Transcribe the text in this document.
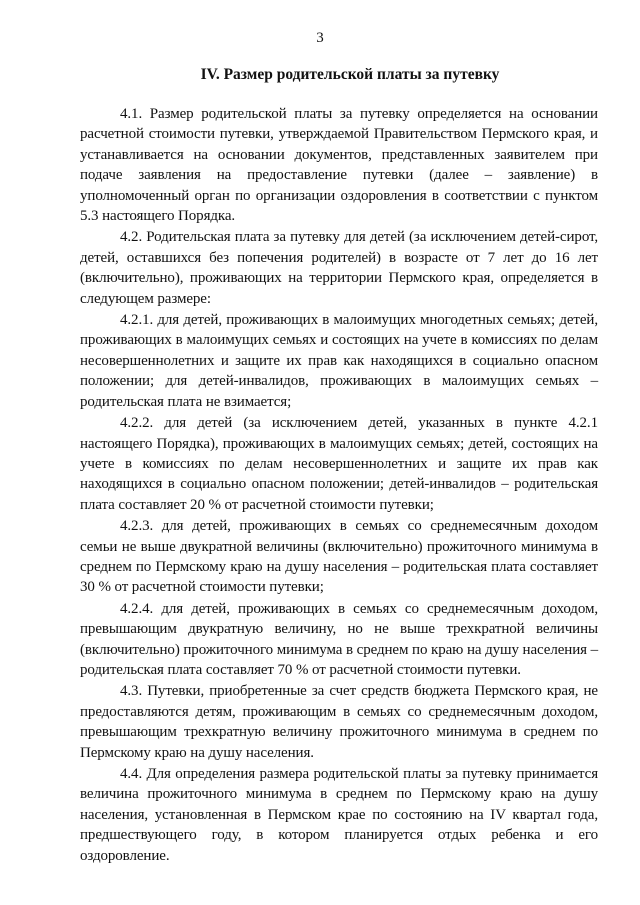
3
IV. Размер родительской платы за путевку

4.1. Размер родительской платы за путевку определяется на основании расчетной стоимости путевки, утверждаемой Правительством Пермского края, и устанавливается на основании документов, представленных заявителем при подаче заявления на предоставление путевки (далее – заявление) в уполномоченный орган по организации оздоровления в соответствии с пунктом 5.3 настоящего Порядка.

4.2. Родительская плата за путевку для детей (за исключением детей-сирот, детей, оставшихся без попечения родителей) в возрасте от 7 лет до 16 лет (включительно), проживающих на территории Пермского края, определяется в следующем размере:

4.2.1. для детей, проживающих в малоимущих многодетных семьях; детей, проживающих в малоимущих семьях и состоящих на учете в комиссиях по делам несовершеннолетних и защите их прав как находящихся в социально опасном положении; для детей-инвалидов, проживающих в малоимущих семьях – родительская плата не взимается;

4.2.2. для детей (за исключением детей, указанных в пункте 4.2.1 настоящего Порядка), проживающих в малоимущих семьях; детей, состоящих на учете в комиссиях по делам несовершеннолетних и защите их прав как находящихся в социально опасном положении; детей-инвалидов – родительская плата составляет 20 % от расчетной стоимости путевки;

4.2.3. для детей, проживающих в семьях со среднемесячным доходом семьи не выше двукратной величины (включительно) прожиточного минимума в среднем по Пермскому краю на душу населения – родительская плата составляет 30 % от расчетной стоимости путевки;

4.2.4. для детей, проживающих в семьях со среднемесячным доходом, превышающим двукратную величину, но не выше трехкратной величины (включительно) прожиточного минимума в среднем по краю на душу населения – родительская плата составляет 70 % от расчетной стоимости путевки.

4.3. Путевки, приобретенные за счет средств бюджета Пермского края, не предоставляются детям, проживающим в семьях со среднемесячным доходом, превышающим трехкратную величину прожиточного минимума в среднем по Пермскому краю на душу населения.

4.4. Для определения размера родительской платы за путевку принимается величина прожиточного минимума в среднем по Пермскому краю на душу населения, установленная в Пермском крае по состоянию на IV квартал года, предшествующего году, в котором планируется отдых ребенка и его оздоровление.
